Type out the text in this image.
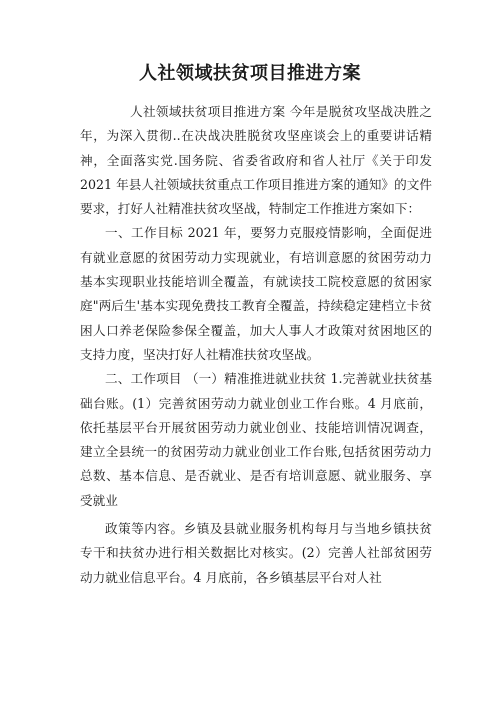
人社领域扶贫项目推进方案

人社领域扶贫项目推进方案 今年是脱贫攻坚战决胜之年，为深入贯彻..在决战决胜脱贫攻坚座谈会上的重要讲话精神，全面落实党.国务院、省委省政府和省人社厅《关于印发2021 年县人社领域扶贫重点工作项目推进方案的通知》的文件要求，打好人社精准扶贫攻坚战，特制定工作推进方案如下：

一、工作目标 2021 年，要努力克服疫情影响，全面促进有就业意愿的贫困劳动力实现就业，有培训意愿的贫困劳动力基本实现职业技能培训全覆盖，有就读技工院校意愿的贫困家庭"两后生'基本实现免费技工教育全覆盖，持续稳定建档立卡贫困人口养老保险参保全覆盖，加大人事人才政策对贫困地区的支持力度，坚决打好人社精准扶贫攻坚战。

二、工作项目 （一）精准推进就业扶贫 1.完善就业扶贫基础台账。(1）完善贫困劳动力就业创业工作台账。4 月底前，依托基层平台开展贫困劳动力就业创业、技能培训情况调查，建立全县统一的贫困劳动力就业创业工作台账,包括贫困劳动力总数、基本信息、是否就业、是否有培训意愿、就业服务、享受就业

政策等内容。乡镇及县就业服务机构每月与当地乡镇扶贫专干和扶贫办进行相关数据比对核实。(2）完善人社部贫困劳动力就业信息平台。4 月底前，各乡镇基层平台对人社
